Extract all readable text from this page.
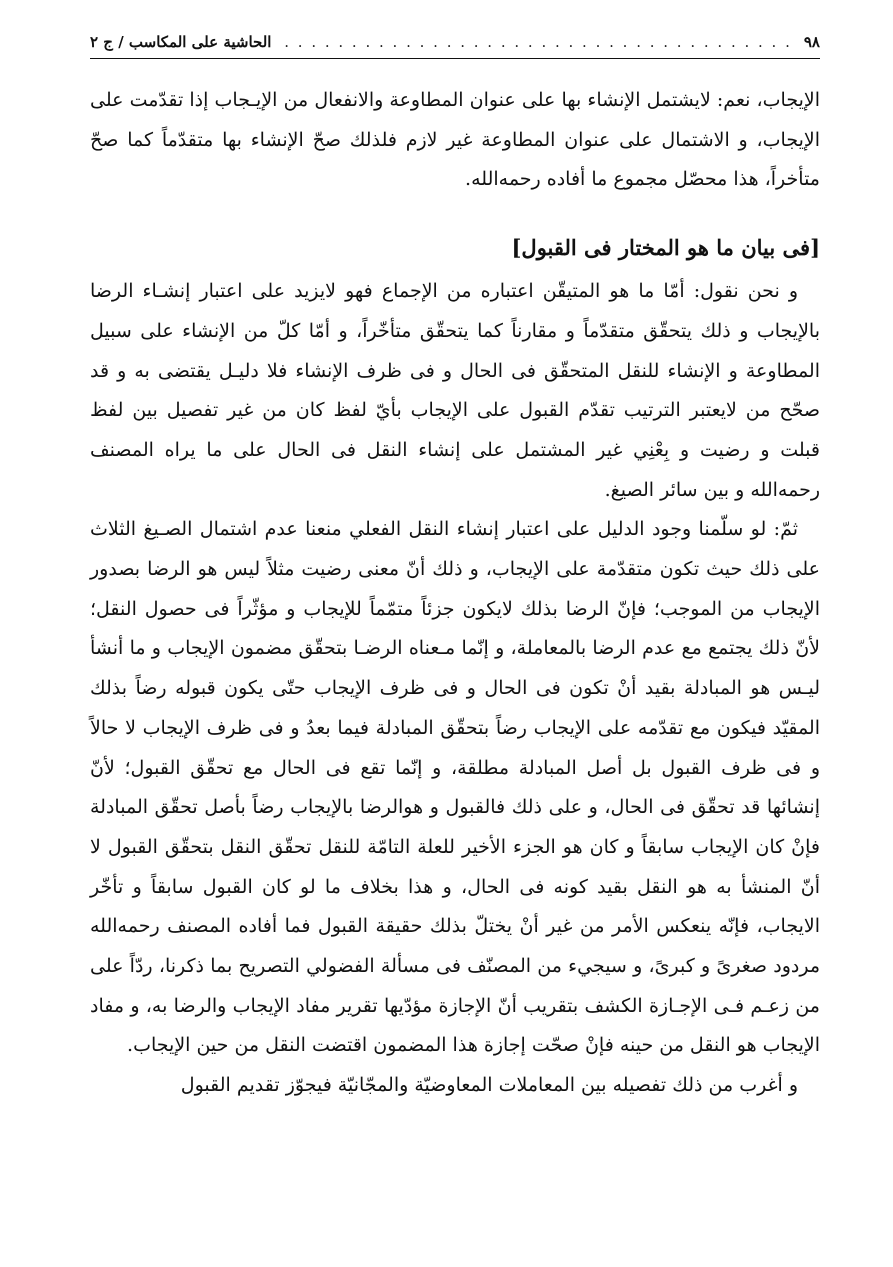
٩٨
. . .
الحاشية على المكاسب / ج ٢

الإيجاب، نعم: لايشتمل الإنشاء بها على عنوان المطاوعة والانفعال من الإيـجاب إذا تقدّمت على الإيجاب، و الاشتمال على عنوان المطاوعة غير لازم فلذلك صحّ الإنشاء بها متقدّماً كما صحّ متأخراً، هذا محصّل مجموع ما أفاده رحمه‌الله.

[فى بيان ما هو المختار فى القبول]

و نحن نقول: أمّا ما هو المتيقّن اعتباره من الإجماع فهو لايزيد على اعتبار إنشـاء الرضا بالإيجاب و ذلك يتحقّق متقدّماً و مقارناً كما يتحقّق متأخّراً، و أمّا كلّ من الإنشاء على سبيل المطاوعة و الإنشاء للنقل المتحقّق فى الحال و فى ظرف الإنشاء فلا دليـل يقتضى به و قد صحّح من لايعتبر الترتيب تقدّم القبول على الإيجاب بأيّ لفظ كان من غير تفصيل بين لفظ قبلت و رضيت و بِعْنِي غير المشتمل على إنشاء النقل فى الحال على ما يراه المصنف رحمه‌الله و بين سائر الصيغ.

ثمّ: لو سلّمنا وجود الدليل على اعتبار إنشاء النقل الفعلي منعنا عدم اشتمال الصـيغ الثلاث على ذلك حيث تكون متقدّمة على الإيجاب، و ذلك أنّ معنى رضيت مثلاً ليس هو الرضا بصدور الإيجاب من الموجب؛ فإنّ الرضا بذلك لايكون جزئاً متمّماً للإيجاب و مؤثّراً فى حصول النقل؛ لأنّ ذلك يجتمع مع عدم الرضا بالمعاملة، و إنّما مـعناه الرضـا بتحقّق مضمون الإيجاب و ما أنشأ ليـس هو المبادلة بقيد أنْ تكون فى الحال و فى ظرف الإيجاب حتّى يكون قبوله رضاً بذلك المقيّد فيكون مع تقدّمه على الإيجاب رضاً بتحقّق المبادلة فيما بعدُ و فى ظرف الإيجاب لا حالاً و فى ظرف القبول بل أصل المبادلة مطلقة، و إنّما تقع فى الحال مع تحقّق القبول؛ لأنّ إنشائها قد تحقّق فى الحال، و على ذلك فالقبول و هوالرضا بالإيجاب رضاً بأصل تحقّق المبادلة فإنْ كان الإيجاب سابقاً و كان هو الجزء الأخير للعلة التامّة للنقل تحقّق النقل بتحقّق القبول لا أنّ المنشأ به هو النقل بقيد كونه فى الحال، و هذا بخلاف ما لو كان القبول سابقاً و تأخّر الايجاب، فإنّه ينعكس الأمر من غير أنْ يختلّ بذلك حقيقة القبول فما أفاده المصنف رحمه‌الله مردود صغرىً و كبرىً، و سيجيء من المصنّف فى مسألة الفضولي التصريح بما ذكرنا، ردّاً على من زعـم فـى الإجـازة الكشف بتقريب أنّ الإجازة مؤدّيها تقرير مفاد الإيجاب والرضا به، و مفاد الإيجاب هو النقل من حينه فإنْ صحّت إجازة هذا المضمون اقتضت النقل من حين الإيجاب.

و أغرب من ذلك تفصيله بين المعاملات المعاوضيّة والمجّانيّة فيجوّز تقديم القبول
